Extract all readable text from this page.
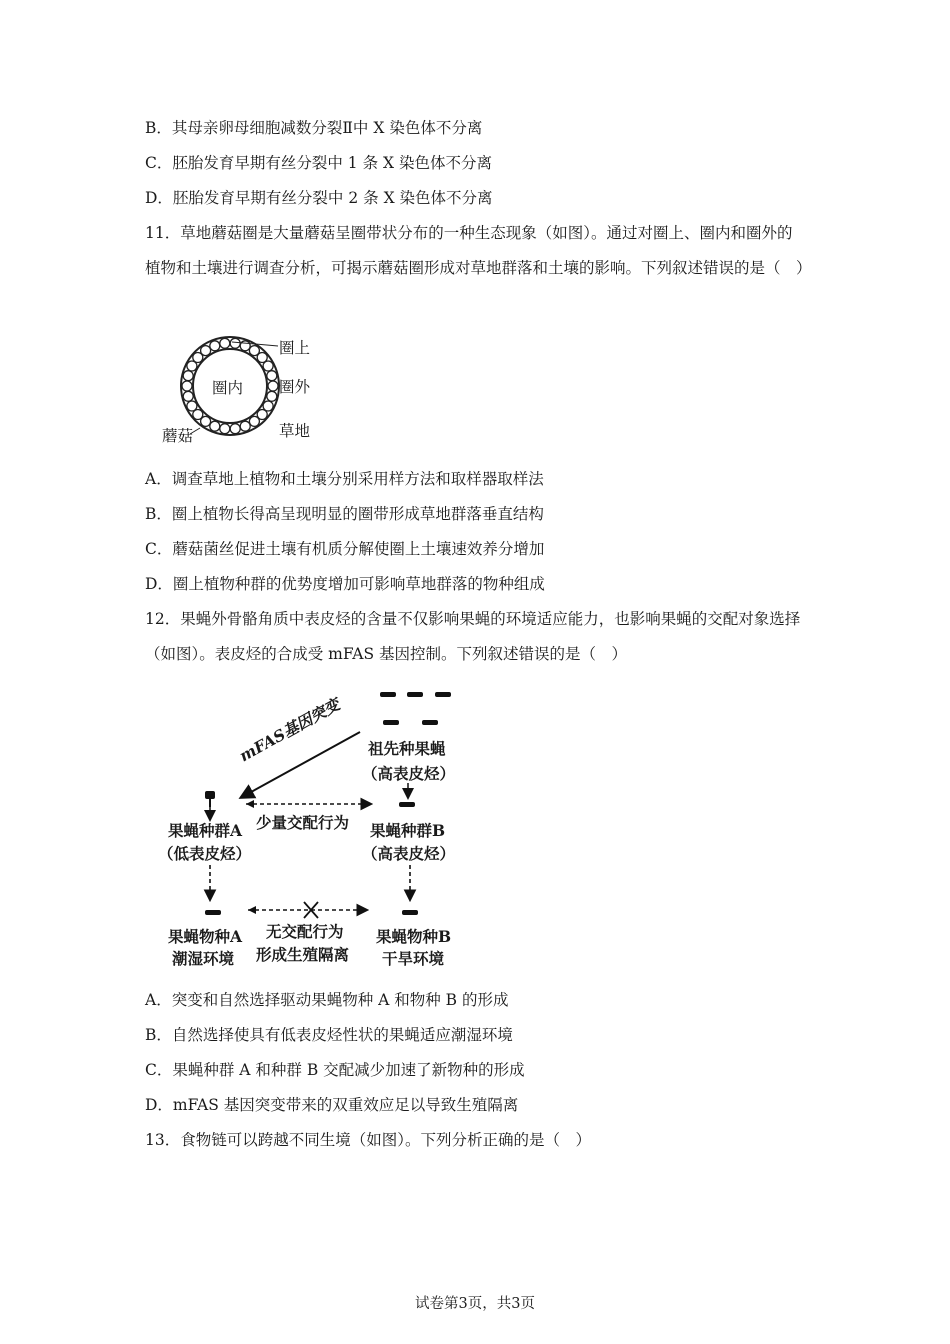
B．其母亲卵母细胞减数分裂Ⅱ中 X 染色体不分离
C．胚胎发育早期有丝分裂中 1 条 X 染色体不分离
D．胚胎发育早期有丝分裂中 2 条 X 染色体不分离
11．草地蘑菇圈是大量蘑菇呈圈带状分布的一种生态现象（如图）。通过对圈上、圈内和圈外的植物和土壤进行调查分析，可揭示蘑菇圈形成对草地群落和土壤的影响。下列叙述错误的是（　）
圈上
圈内 圈外
草地
蘑菇
A．调查草地上植物和土壤分别采用样方法和取样器取样法
B．圈上植物长得高呈现明显的圈带形成草地群落垂直结构
C．蘑菇菌丝促进土壤有机质分解使圈上土壤速效养分增加
D．圈上植物种群的优势度增加可影响草地群落的物种组成
12．果蝇外骨骼角质中表皮烃的含量不仅影响果蝇的环境适应能力，也影响果蝇的交配对象选择（如图）。表皮烃的合成受 mFAS 基因控制。下列叙述错误的是（　）
祖先种果蝇
（高表皮烃）
mFAS基因突变
果蝇种群A
（低表皮烃）
少量交配行为 果蝇种群B
（高表皮烃）
果蝇物种A
潮湿环境
无交配行为
形成生殖隔离
果蝇物种B
干旱环境
A．突变和自然选择驱动果蝇物种 A 和物种 B 的形成
B．自然选择使具有低表皮烃性状的果蝇适应潮湿环境
C．果蝇种群 A 和种群 B 交配减少加速了新物种的形成
D．mFAS 基因突变带来的双重效应足以导致生殖隔离
13．食物链可以跨越不同生境（如图）。下列分析正确的是（　）
试卷第3页，共3页
